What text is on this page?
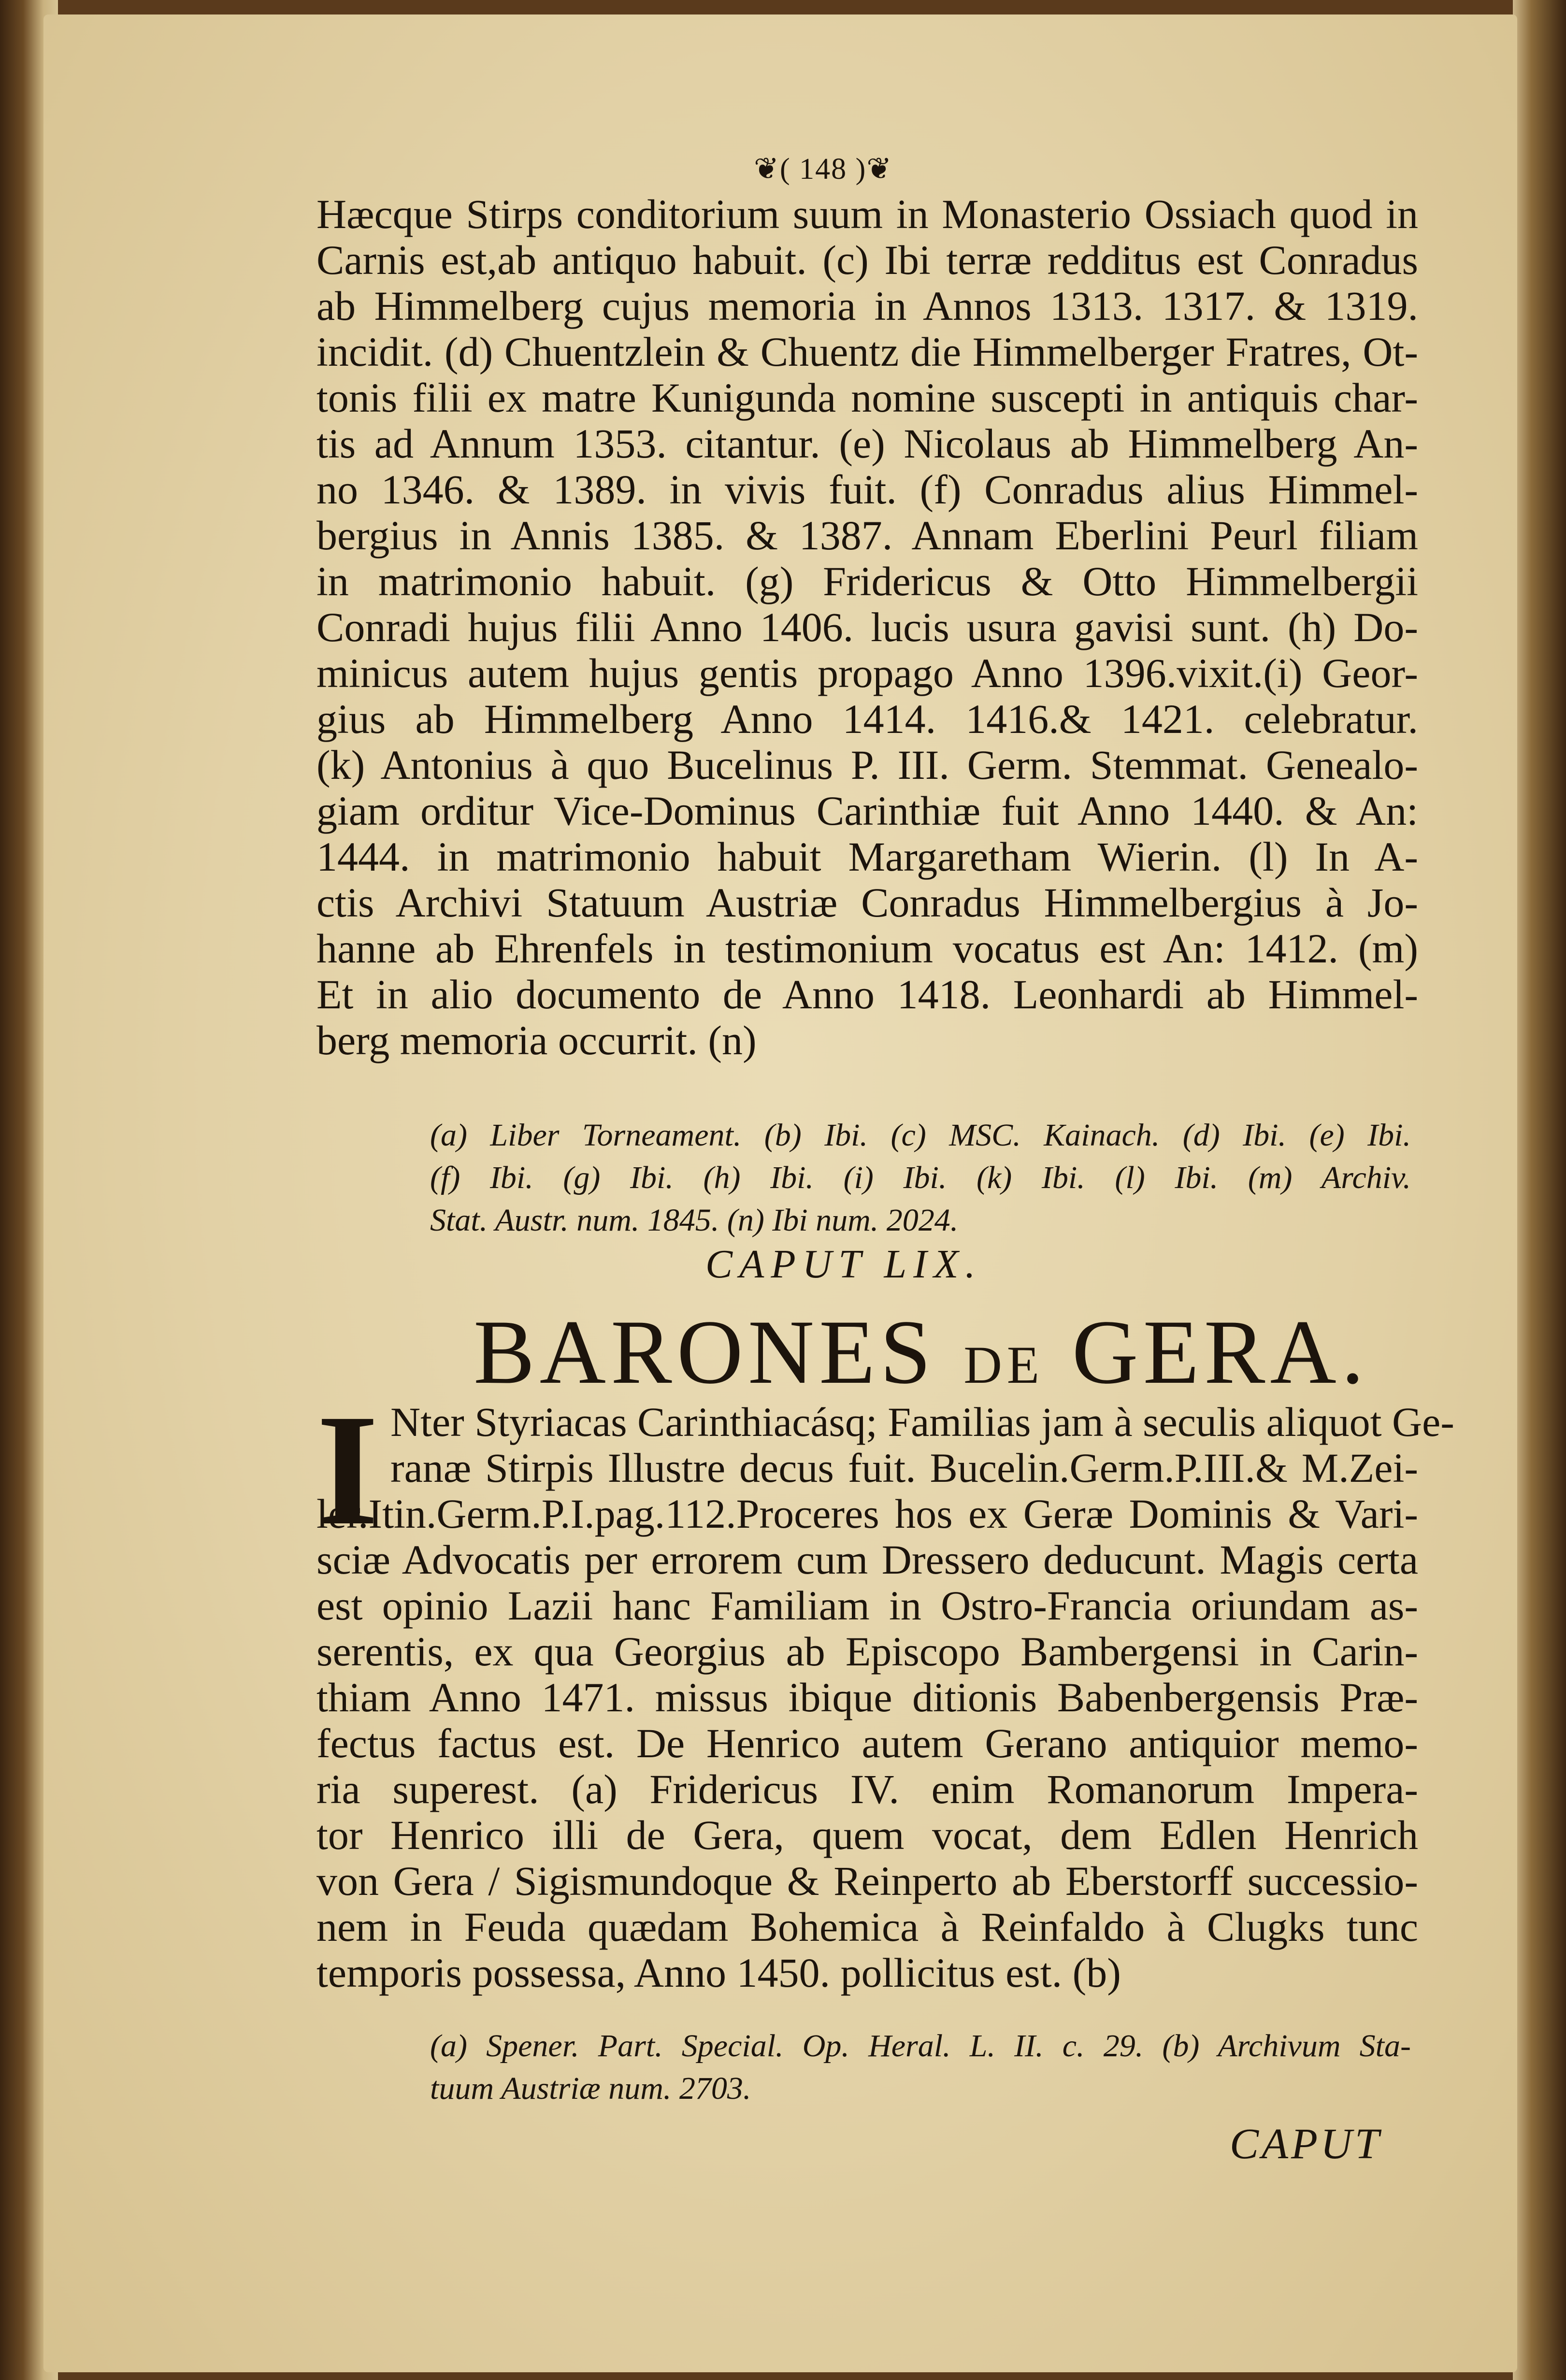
❦( 148 )❦
Hæcque Stirps conditorium suum in Monasterio Ossiach quod in
Carnis est,ab antiquo habuit. (c) Ibi terræ redditus est Conradus
ab Himmelberg cujus memoria in Annos 1313. 1317. & 1319.
incidit. (d) Chuentzlein & Chuentz die Himmelberger Fratres, Ot-
tonis filii ex matre Kunigunda nomine suscepti in antiquis char-
tis ad Annum 1353. citantur. (e) Nicolaus ab Himmelberg An-
no 1346. & 1389. in vivis fuit. (f) Conradus alius Himmel-
bergius in Annis 1385. & 1387. Annam Eberlini Peurl filiam
in matrimonio habuit. (g) Fridericus & Otto Himmelbergii
Conradi hujus filii Anno 1406. lucis usura gavisi sunt. (h) Do-
minicus autem hujus gentis propago Anno 1396.vixit.(i) Geor-
gius ab Himmelberg Anno 1414. 1416.& 1421. celebratur.
(k) Antonius à quo Bucelinus P. III. Germ. Stemmat. Genealo-
giam orditur Vice-Dominus Carinthiæ fuit Anno 1440. & An:
1444. in matrimonio habuit Margaretham Wierin. (l) In A-
ctis Archivi Statuum Austriæ Conradus Himmelbergius à Jo-
hanne ab Ehrenfels in testimonium vocatus est An: 1412. (m)
Et in alio documento de Anno 1418. Leonhardi ab Himmel-
berg memoria occurrit. (n)
(a) Liber Torneament. (b) Ibi. (c) MSC. Kainach. (d) Ibi. (e) Ibi.
(f) Ibi. (g) Ibi. (h) Ibi. (i) Ibi. (k) Ibi. (l) Ibi. (m) Archiv.
Stat. Austr. num. 1845. (n) Ibi num. 2024.
CAPUT LIX.
BARONES DE GERA.
I Nter Styriacas Carinthiacásq; Familias jam à seculis aliquot Ge-
ranæ Stirpis Illustre decus fuit. Bucelin.Germ.P.III.& M.Zei-
ler.Itin.Germ.P.I.pag.112.Proceres hos ex Geræ Dominis & Vari-
sciæ Advocatis per errorem cum Dressero deducunt. Magis certa
est opinio Lazii hanc Familiam in Ostro-Francia oriundam as-
serentis, ex qua Georgius ab Episcopo Bambergensi in Carin-
thiam Anno 1471. missus ibique ditionis Babenbergensis Præ-
fectus factus est. De Henrico autem Gerano antiquior memo-
ria superest. (a) Fridericus IV. enim Romanorum Impera-
tor Henrico illi de Gera, quem vocat, dem Edlen Henrich
von Gera / Sigismundoque & Reinperto ab Eberstorff successio-
nem in Feuda quædam Bohemica à Reinfaldo à Clugks tunc
temporis possessa, Anno 1450. pollicitus est. (b)
(a) Spener. Part. Special. Op. Heral. L. II. c. 29. (b) Archivum Sta-
tuum Austriæ num. 2703.
CAPUT
